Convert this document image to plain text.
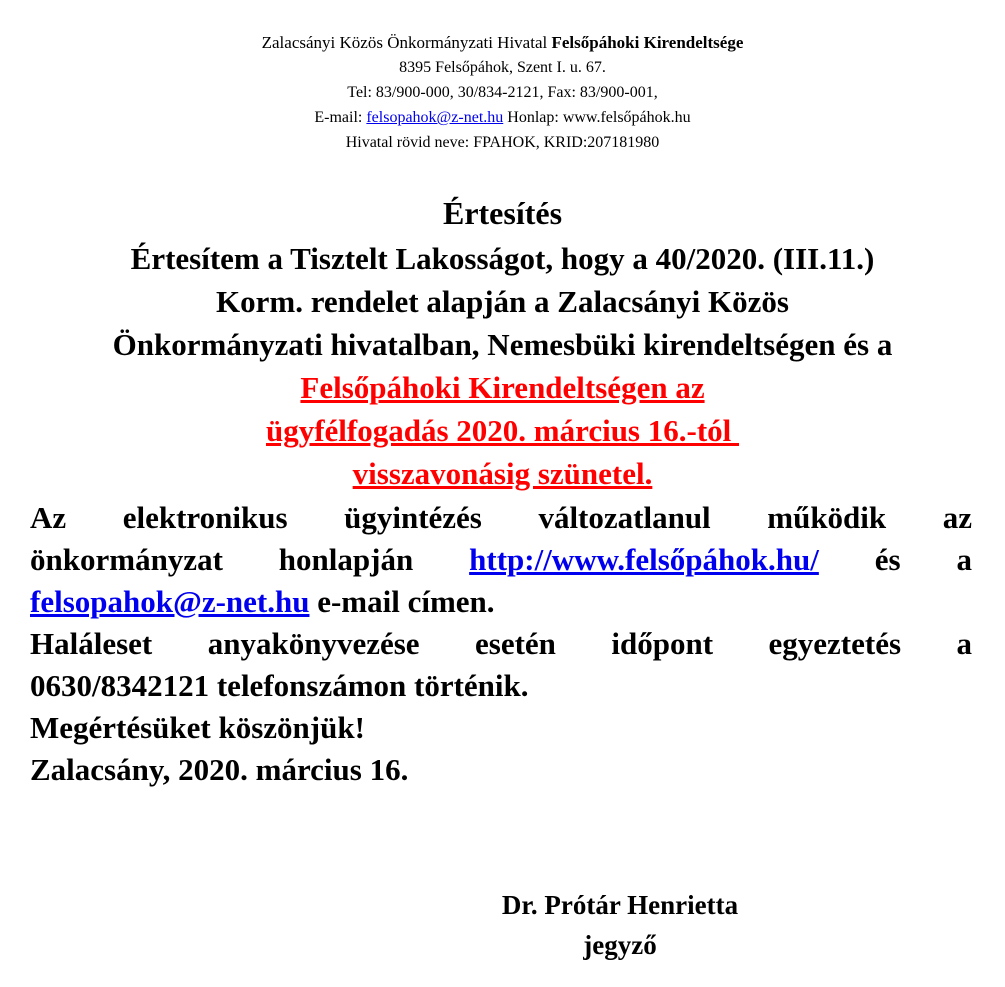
Zalacsányi Közös Önkormányzati Hivatal Felsőpáhoki Kirendeltsége
8395 Felsőpáhok, Szent I. u. 67.
Tel: 83/900-000, 30/834-2121, Fax: 83/900-001,
E-mail: felsopahok@z-net.hu Honlap: www.felsőpáhok.hu
Hivatal rövid neve: FPAHOK, KRID:207181980
Értesítés
Értesítem a Tisztelt Lakosságot, hogy a 40/2020. (III.11.)
Korm. rendelet alapján a Zalacsányi Közös
Önkormányzati hivatalban, Nemesbüki kirendeltségen és a
Felsőpáhoki Kirendeltségen az
ügyfélfogadás 2020. március 16.-tól
visszavonásig szünetel.
Az elektronikus ügyintézés változatlanul működik az
önkormányzat honlapján http://www.felsőpáhok.hu/ és a
felsopahok@z-net.hu e-mail címen.
Haláleset anyakönyvezése esetén időpont egyeztetés a
0630/8342121 telefonszámon történik.
Megértésüket köszönjük!
Zalacsány, 2020. március 16.
Dr. Prótár Henrietta
jegyző
